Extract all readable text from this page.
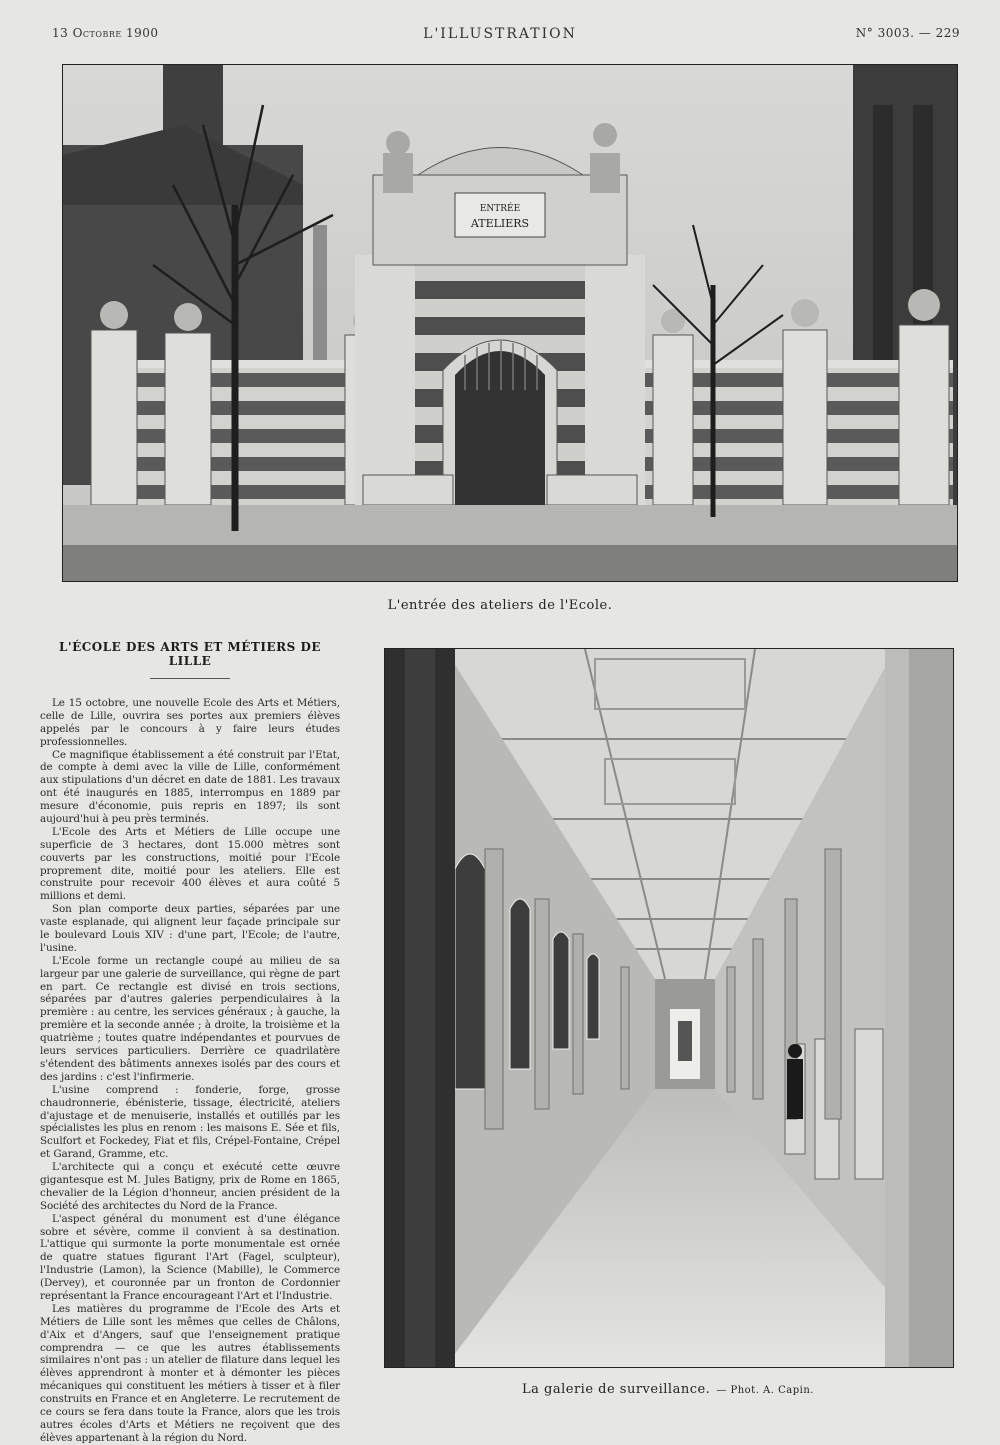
L'ILLUSTRATION
13 Octobre 1900	N° 3003. — 229
ENTRÉE
ATELIERS
L'entrée des ateliers de l'Ecole.
L'ÉCOLE DES ARTS ET MÉTIERS DE LILLE

Le 15 octobre, une nouvelle Ecole des Arts et Métiers, celle de Lille, ouvrira ses portes aux premiers élèves appelés par le concours à y faire leurs études professionnelles.

Ce magnifique établissement a été construit par l'Etat, de compte à demi avec la ville de Lille, conformément aux stipulations d'un décret en date de 1881. Les travaux ont été inaugurés en 1885, interrompus en 1889 par mesure d'économie, puis repris en 1897; ils sont aujourd'hui à peu près terminés.

L'Ecole des Arts et Métiers de Lille occupe une superficie de 3 hectares, dont 15.000 mètres sont couverts par les constructions, moitié pour l'Ecole proprement dite, moitié pour les ateliers. Elle est construite pour recevoir 400 élèves et aura coûté 5 millions et demi.

Son plan comporte deux parties, séparées par une vaste esplanade, qui alignent leur façade principale sur le boulevard Louis XIV : d'une part, l'Ecole; de l'autre, l'usine.

L'Ecole forme un rectangle coupé au milieu de sa largeur par une galerie de surveillance, qui règne de part en part. Ce rectangle est divisé en trois sections, séparées par d'autres galeries perpendiculaires à la première : au centre, les services généraux ; à gauche, la première et la seconde année ; à droite, la troisième et la quatrième ; toutes quatre indépendantes et pourvues de leurs services particuliers. Derrière ce quadrilatère s'étendent des bâtiments annexes isolés par des cours et des jardins : c'est l'infirmerie.

L'usine comprend : fonderie, forge, grosse chaudronnerie, ébénisterie, tissage, électricité, ateliers d'ajustage et de menuiserie, installés et outillés par les spécialistes les plus en renom : les maisons E. Sée et fils, Sculfort et Fockedey, Fiat et fils, Crépel-Fontaine, Crépel et Garand, Gramme, etc.

L'architecte qui a conçu et exécuté cette œuvre gigantesque est M. Jules Batigny, prix de Rome en 1865, chevalier de la Légion d'honneur, ancien président de la Société des architectes du Nord de la France.

L'aspect général du monument est d'une élégance sobre et sévère, comme il convient à sa destination. L'attique qui surmonte la porte monumentale est ornée de quatre statues figurant l'Art (Fagel, sculpteur), l'Industrie (Lamon), la Science (Mabille), le Commerce (Dervey), et couronnée par un fronton de Cordonnier représentant la France encourageant l'Art et l'Industrie.

Les matières du programme de l'Ecole des Arts et Métiers de Lille sont les mêmes que celles de Châlons, d'Aix et d'Angers, sauf que l'enseignement pratique comprendra — ce que les autres établissements similaires n'ont pas : un atelier de filature dans lequel les élèves apprendront à monter et à démonter les pièces mécaniques qui constituent les métiers à tisser et à filer construits en France et en Angleterre. Le recrutement de ce cours se fera dans toute la France, alors que les trois autres écoles d'Arts et Métiers ne reçoivent que des élèves appartenant à la région du Nord.

La galerie de surveillance. — Phot. A. Capin.
